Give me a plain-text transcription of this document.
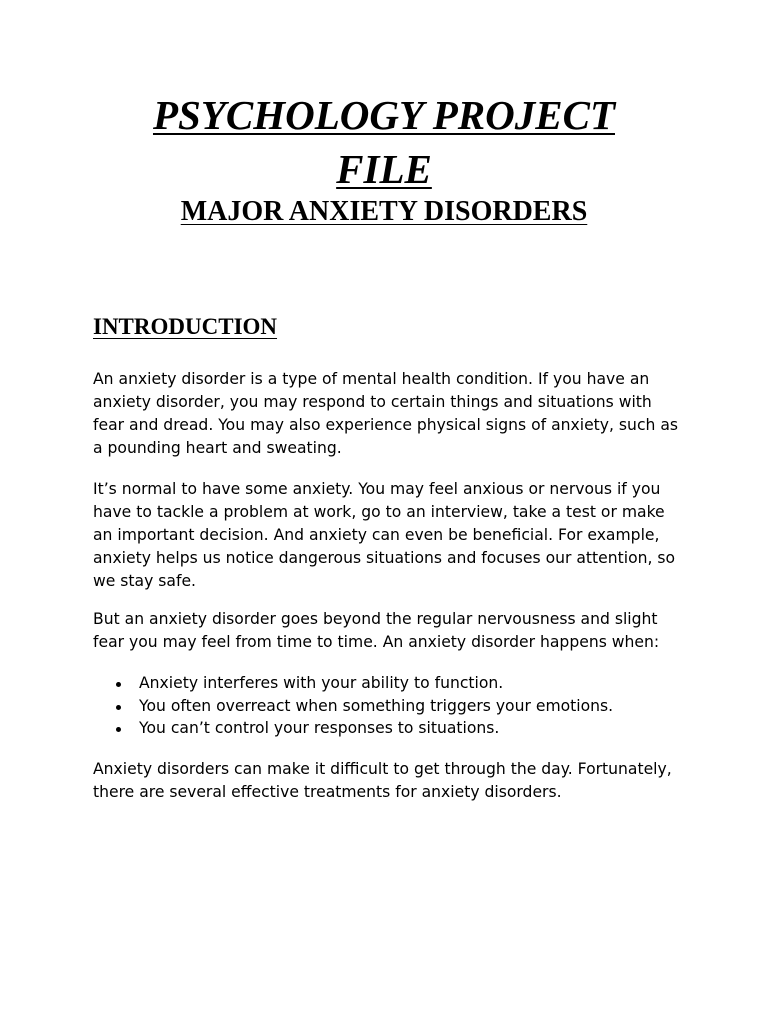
PSYCHOLOGY PROJECT
FILE
MAJOR ANXIETY DISORDERS
INTRODUCTION

An anxiety disorder is a type of mental health condition. If you have an anxiety disorder, you may respond to certain things and situations with fear and dread. You may also experience physical signs of anxiety, such as a pounding heart and sweating.

It’s normal to have some anxiety. You may feel anxious or nervous if you have to tackle a problem at work, go to an interview, take a test or make an important decision. And anxiety can even be beneficial. For example, anxiety helps us notice dangerous situations and focuses our attention, so we stay safe.

But an anxiety disorder goes beyond the regular nervousness and slight fear you may feel from time to time. An anxiety disorder happens when:

Anxiety interferes with your ability to function.
You often overreact when something triggers your emotions.
You can’t control your responses to situations.

Anxiety disorders can make it difficult to get through the day. Fortunately, there are several effective treatments for anxiety disorders.
